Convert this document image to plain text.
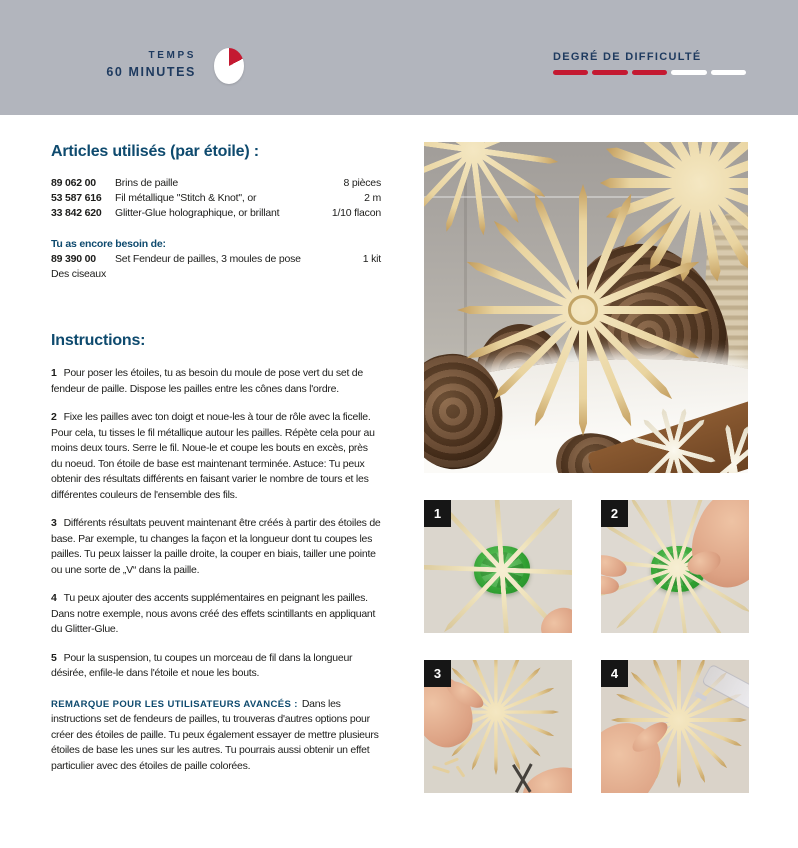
TEMPS
60 MINUTES
DEGRÉ DE DIFFICULTÉ
Articles utilisés (par étoile) :
89 062 00	Brins de paille	8 pièces
53 587 616	Fil métallique "Stitch & Knot", or	2 m
33 842 620	Glitter-Glue holographique, or brillant	1/10 flacon
Tu as encore besoin de:
89 390 00	Set Fendeur de pailles, 3 moules de pose	1 kit
Des ciseaux
Instructions:

1 Pour poser les étoiles, tu as besoin du moule de pose vert du set de fendeur de paille. Dispose les pailles entre les cônes dans l'ordre.

2 Fixe les pailles avec ton doigt et noue-les à tour de rôle avec la ficelle. Pour cela, tu tisses le fil métallique autour les pailles. Répète cela pour au moins deux tours. Serre le fil. Noue-le et coupe les bouts en excès, près du noeud. Ton étoile de base est maintenant terminée. Astuce: Tu peux obtenir des résultats différents en faisant varier le nombre de tours et les différentes couleurs de l'ensemble des fils.

3 Différents résultats peuvent maintenant être créés à partir des étoiles de base. Par exemple, tu changes la façon et la longueur dont tu coupes les pailles. Tu peux laisser la paille droite, la couper en biais, tailler une pointe ou une sorte de „V“ dans la paille.

4 Tu peux ajouter des accents supplémentaires en peignant les pailles. Dans notre exemple, nous avons créé des effets scintillants en appliquant du Glitter-Glue.

5 Pour la suspension, tu coupes un morceau de fil dans la longueur désirée, enfile-le dans l'étoile et noue les bouts.

REMARQUE POUR LES UTILISATEURS AVANCÉS : Dans les instructions set de fendeurs de pailles, tu trouveras d'autres options pour créer des étoiles de paille. Tu peux également essayer de mettre plusieurs étoiles de base les unes sur les autres. Tu pourrais aussi obtenir un effet particulier avec des étoiles de paille colorées.

1	2
3	4
